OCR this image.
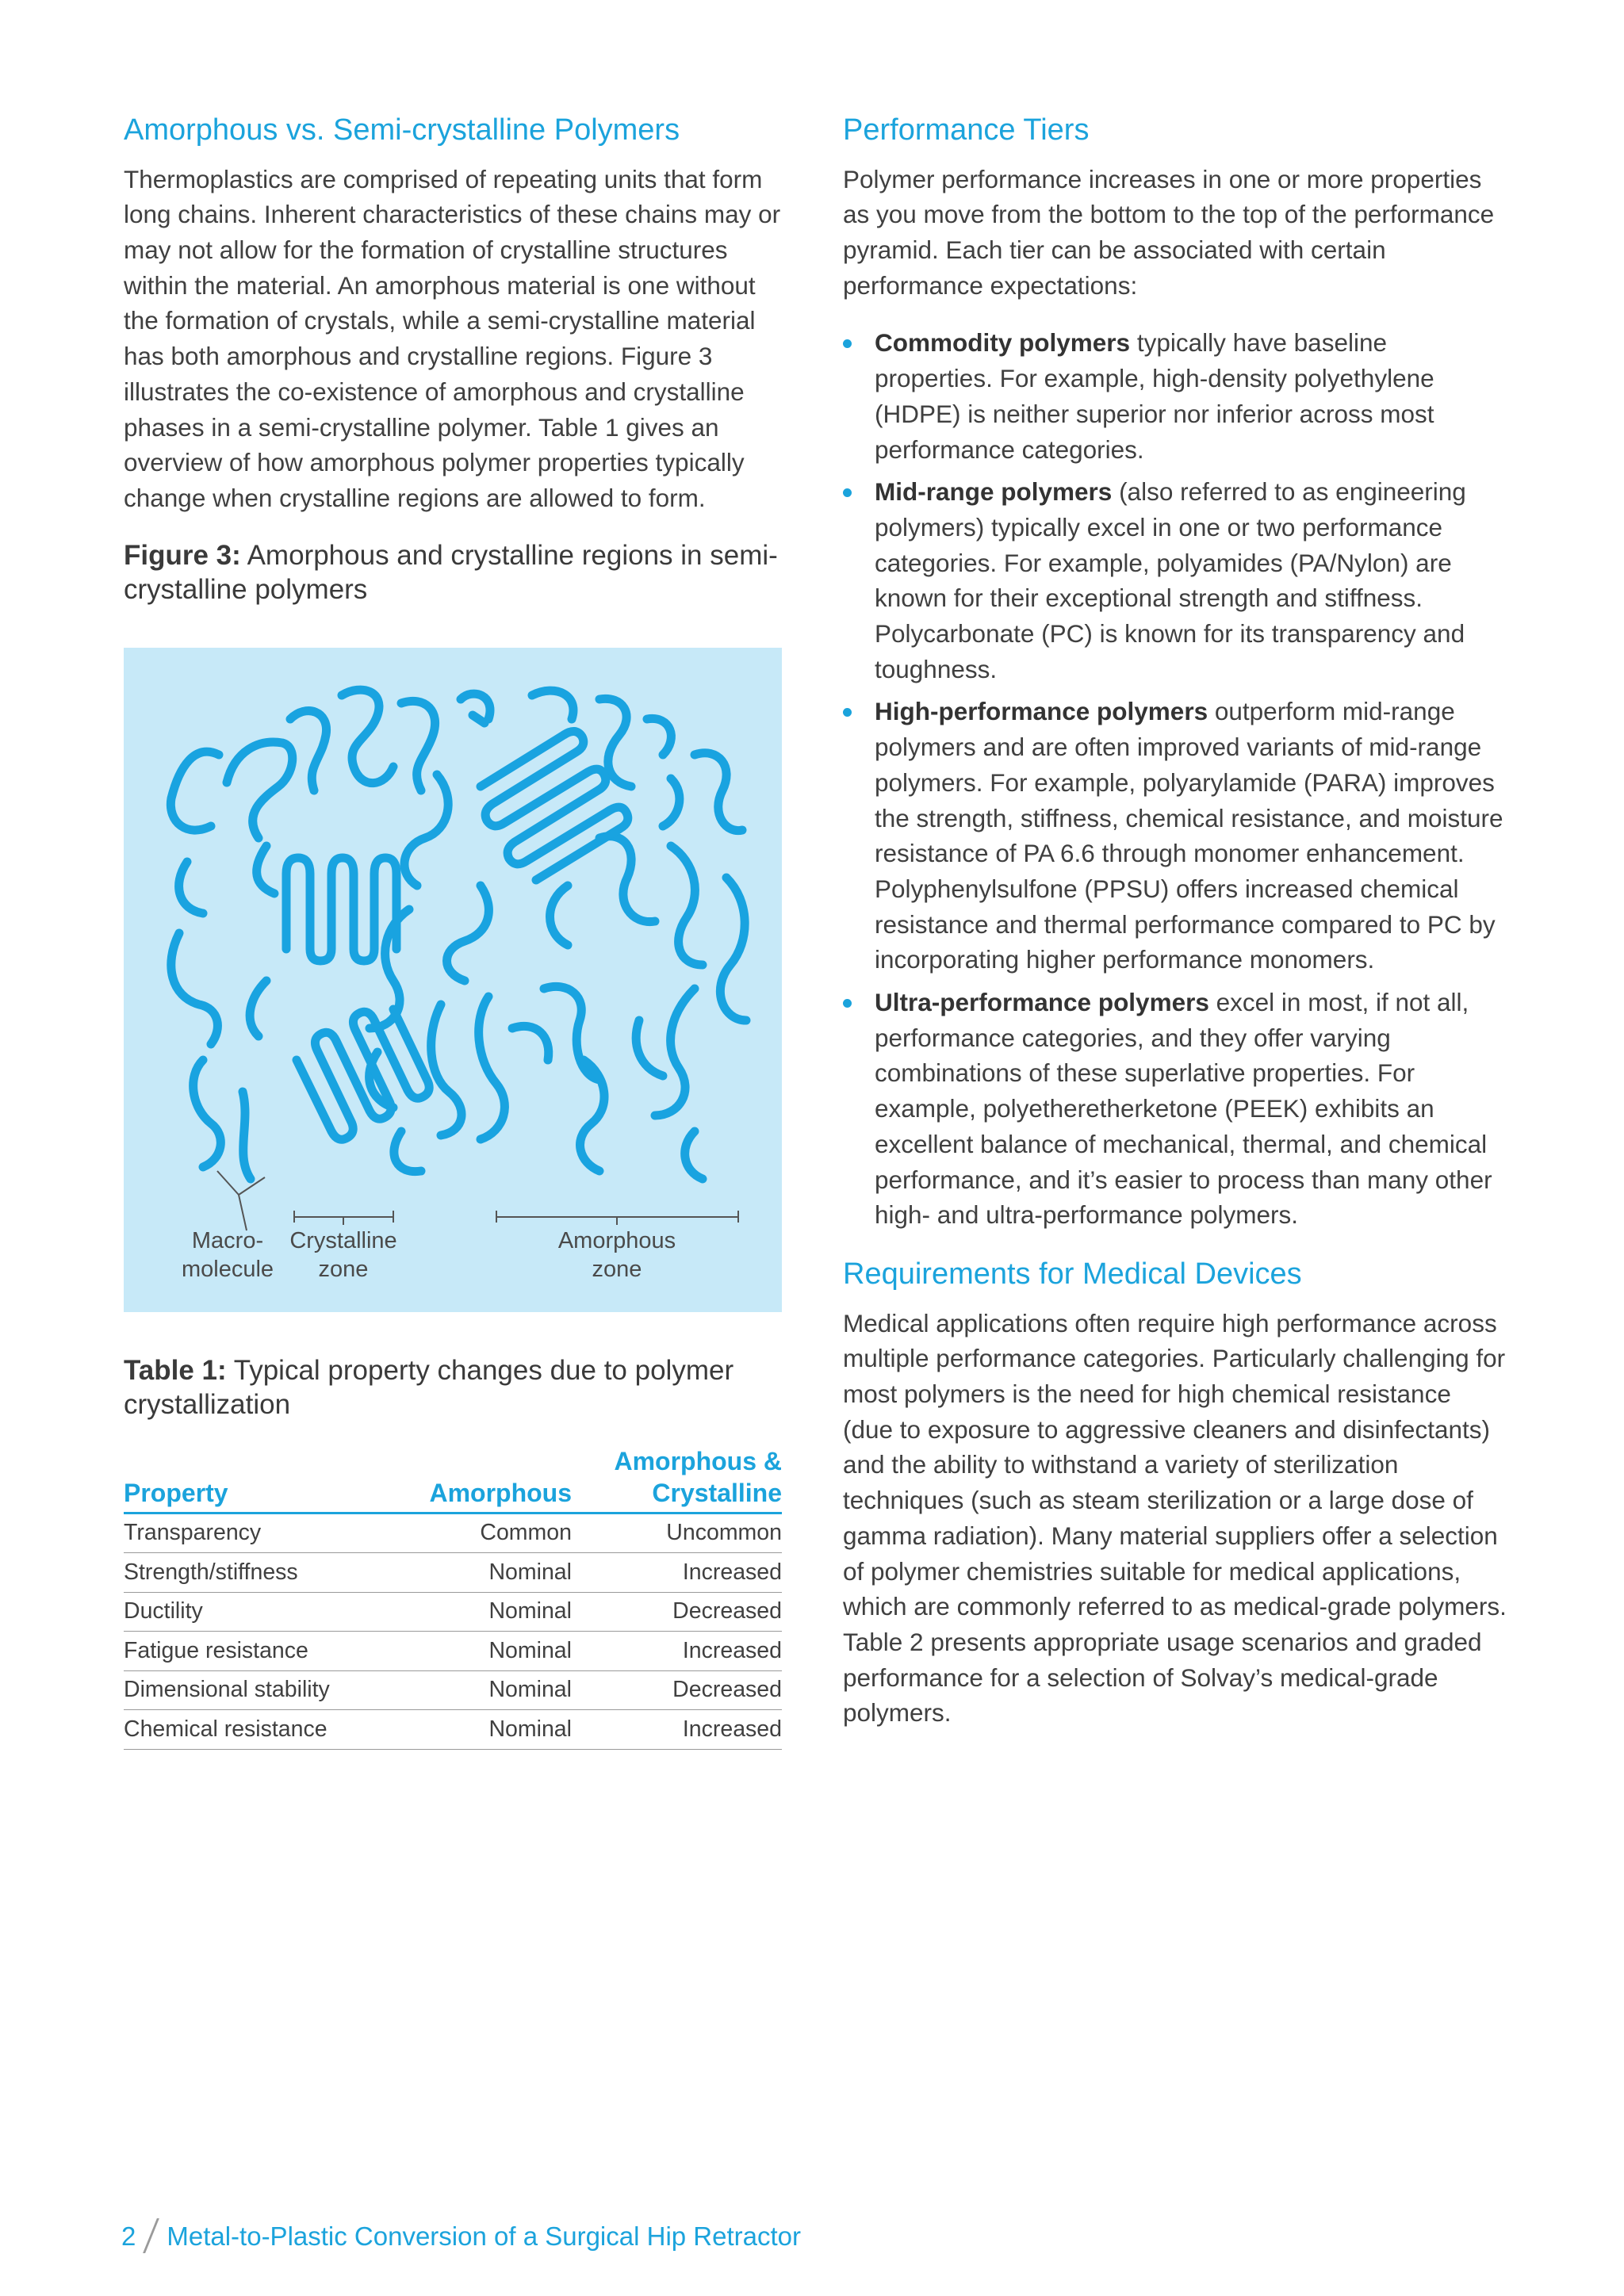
Amorphous vs. Semi-crystalline Polymers

Thermoplastics are comprised of repeating units that form long chains. Inherent characteristics of these chains may or may not allow for the formation of crystalline structures within the material. An amorphous material is one without the formation of crystals, while a semi-crystalline material has both amorphous and crystalline regions. Figure 3 illustrates the co-existence of amorphous and crystalline phases in a semi-crystalline polymer. Table 1 gives an overview of how amorphous polymer properties typically change when crystalline regions are allowed to form.

Figure 3: Amorphous and crystalline regions in semi-crystalline polymers

Macro-
molecule
Crystalline
zone
Amorphous
zone

Table 1: Typical property changes due to polymer crystallization

Property	Amorphous	Amorphous &
Crystalline

Transparency	Common	Uncommon
Strength/stiffness	Nominal	Increased
Ductility	Nominal	Decreased
Fatigue resistance	Nominal	Increased
Dimensional stability	Nominal	Decreased
Chemical resistance	Nominal	Increased
Performance Tiers

Polymer performance increases in one or more properties as you move from the bottom to the top of the performance pyramid. Each tier can be associated with certain performance expectations:

Commodity polymers typically have baseline properties. For example, high-density polyethylene (HDPE) is neither superior nor inferior across most performance categories.
Mid-range polymers (also referred to as engineering polymers) typically excel in one or two performance categories. For example, polyamides (PA/Nylon) are known for their exceptional strength and stiffness. Polycarbonate (PC) is known for its transparency and toughness.
High-performance polymers outperform mid-range polymers and are often improved variants of mid-range polymers. For example, polyarylamide (PARA) improves the strength, stiffness, chemical resistance, and moisture resistance of PA 6.6 through monomer enhancement. Polyphenylsulfone (PPSU) offers increased chemical resistance and thermal performance compared to PC by incorporating higher performance monomers.
Ultra-performance polymers excel in most, if not all, performance categories, and they offer varying combinations of these superlative properties. For example, polyetheretherketone (PEEK) exhibits an excellent balance of mechanical, thermal, and chemical performance, and it’s easier to process than many other high- and ultra-performance polymers.
Requirements for Medical Devices

Medical applications often require high performance across multiple performance categories. Particularly challenging for most polymers is the need for high chemical resistance (due to exposure to aggressive cleaners and disinfectants) and the ability to withstand a variety of sterilization techniques (such as steam sterilization or a large dose of gamma radiation). Many material suppliers offer a selection of polymer chemistries suitable for medical applications, which are commonly referred to as medical-grade polymers. Table 2 presents appropriate usage scenarios and graded performance for a selection of Solvay’s medical-grade polymers.

2 Metal-to-Plastic Conversion of a Surgical Hip Retractor
